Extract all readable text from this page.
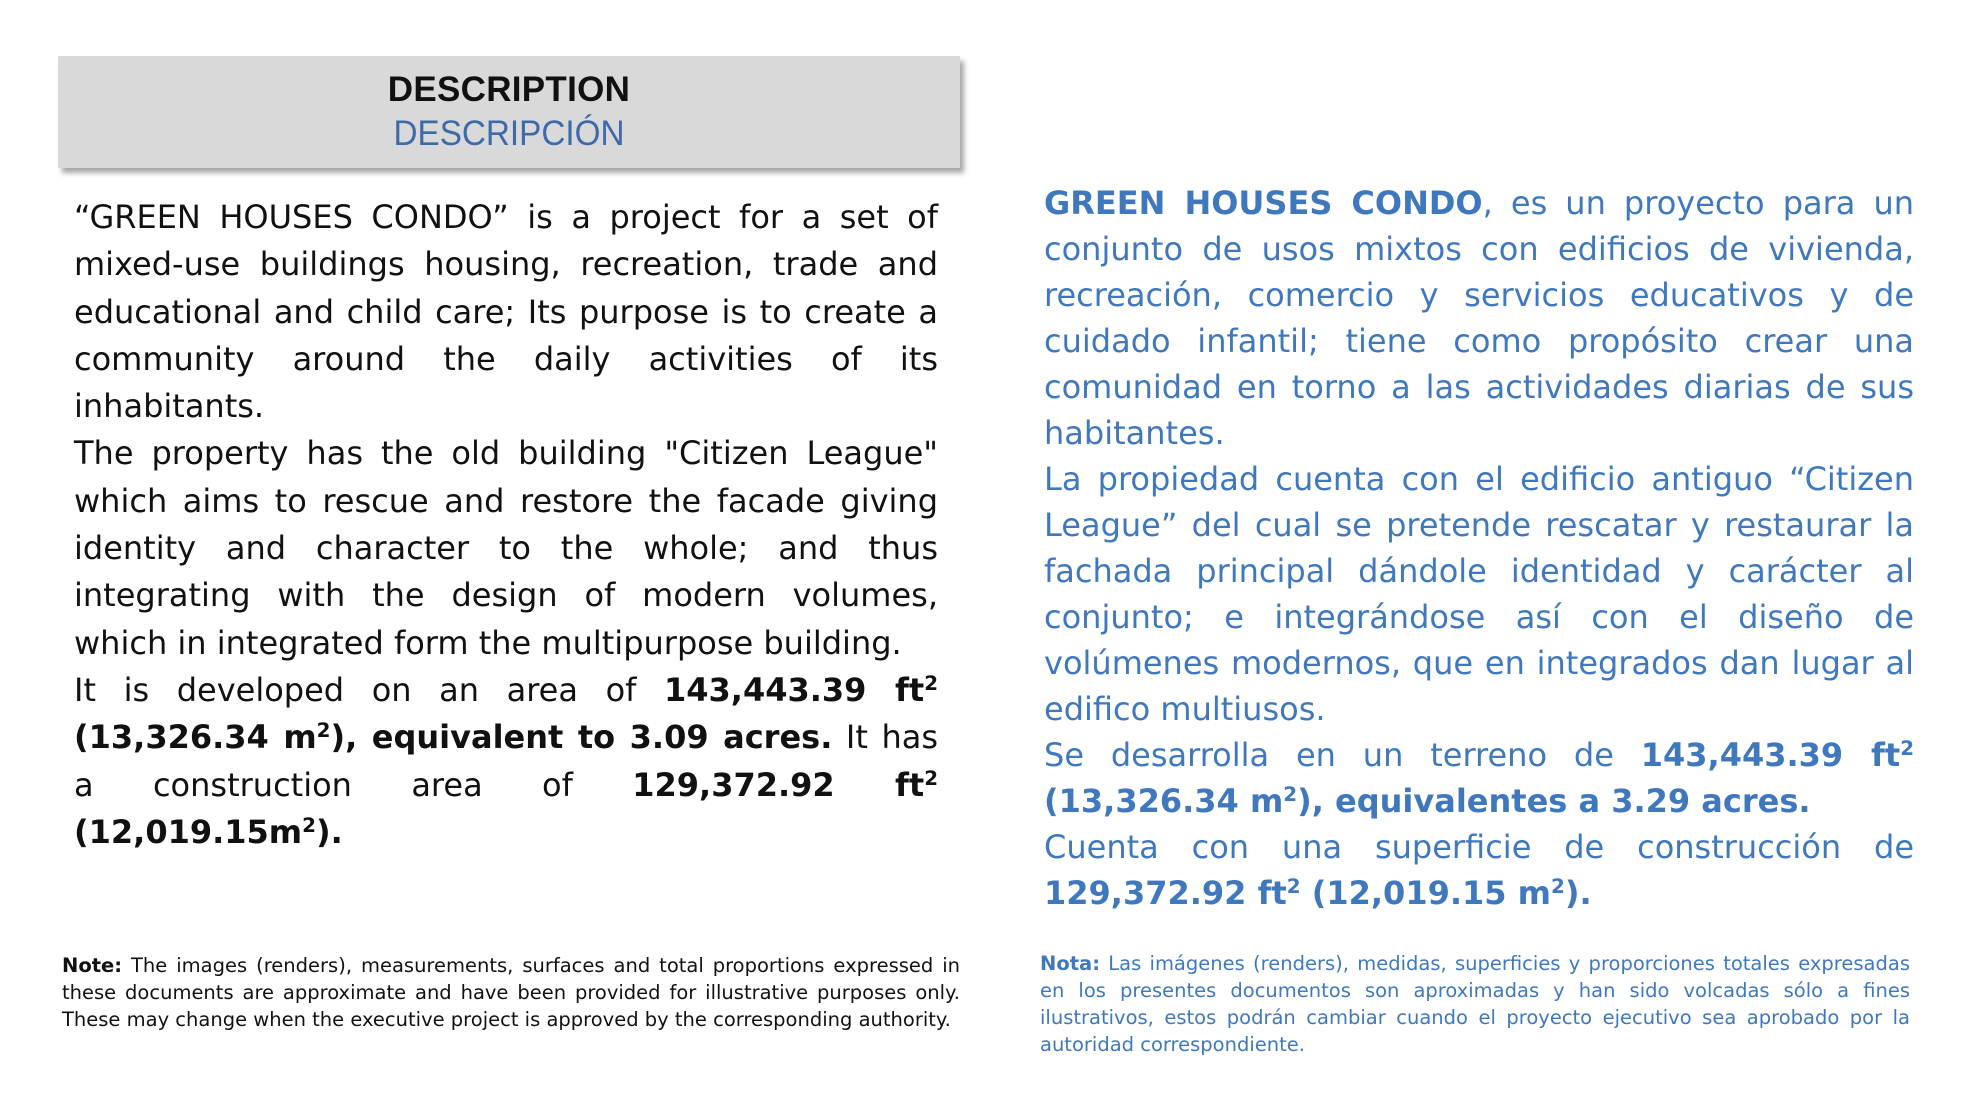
DESCRIPTION
DESCRIPCIÓN
“GREEN HOUSES CONDO” is a project for a set of mixed-use buildings housing, recreation, trade and educational and child care; Its purpose is to create a community around the daily activities of its inhabitants.
The property has the old building "Citizen League" which aims to rescue and restore the facade giving identity and character to the whole; and thus integrating with the design of modern volumes, which in integrated form the multipurpose building.
It is developed on an area of 143,443.39 $ft^2$ (13,326.34 $m^2$), equivalent to 3.09 acres. It has a construction area of 129,372.92 $ft^2$ $(12,019.15m^2)$.
GREEN HOUSES CONDO, es un proyecto para un conjunto de usos mixtos con edificios de vivienda, recreación, comercio y servicios educativos y de cuidado infantil; tiene como propósito crear una comunidad en torno a las actividades diarias de sus habitantes.
La propiedad cuenta con el edificio antiguo “Citizen League” del cual se pretende rescatar y restaurar la fachada principal dándole identidad y carácter al conjunto; e integrándose así con el diseño de volúmenes modernos, que en integrados dan lugar al edifico multiusos.
Se desarrolla en un terreno de 143,443.39 $ft^2$ (13,326.34 $m^2$), equivalentes a 3.29 acres.
Cuenta con una superficie de construcción de
129,372.92 $ft^2$ (12,019.15 $m^2$).

Note: The images (renders), measurements, surfaces and total proportions expressed in these documents are approximate and have been provided for illustrative purposes only. These may change when the executive project is approved by the corresponding authority.

Nota: Las imágenes (renders), medidas, superficies y proporciones totales expresadas en los presentes documentos son aproximadas y han sido volcadas sólo a fines ilustrativos, estos podrán cambiar cuando el proyecto ejecutivo sea aprobado por la autoridad correspondiente.
